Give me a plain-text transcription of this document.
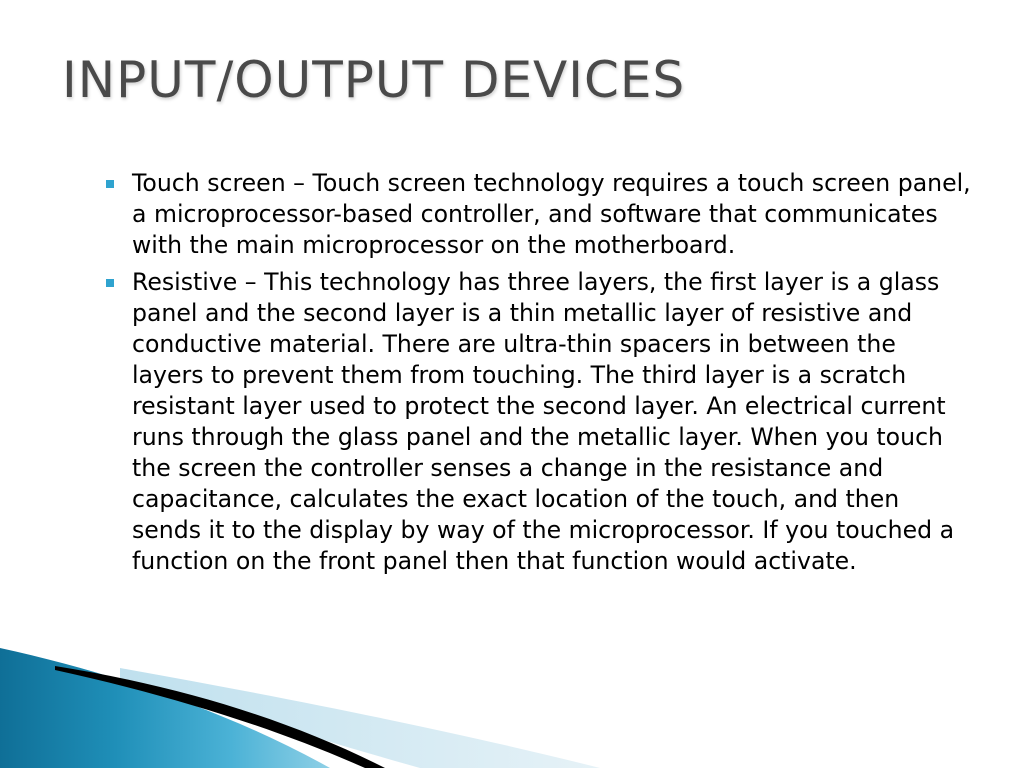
INPUT/OUTPUT DEVICES
Touch screen – Touch screen technology requires a touch screen panel, a microprocessor-based controller, and software that communicates with the main microprocessor on the motherboard.
Resistive – This technology has three layers, the first layer is a glass panel and the second layer is a thin metallic layer of resistive and conductive material. There are ultra-thin spacers in between the layers to prevent them from touching. The third layer is a scratch resistant layer used to protect the second layer. An electrical current runs through the glass panel and the metallic layer. When you touch the screen the controller senses a change in the resistance and capacitance, calculates the exact location of the touch, and then sends it to the display by way of the microprocessor. If you touched a function on the front panel then that function would activate.
